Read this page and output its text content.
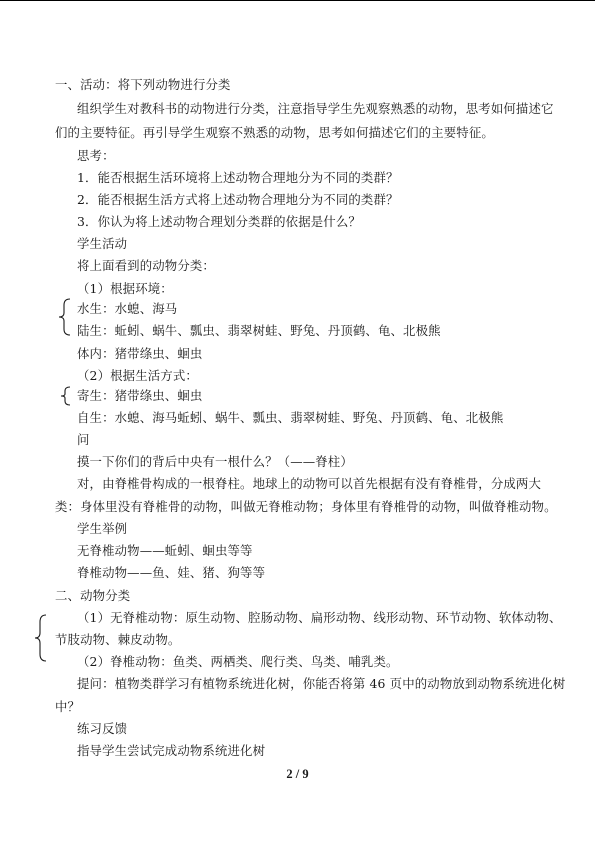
一、活动：将下列动物进行分类
组织学生对教科书的动物进行分类，注意指导学生先观察熟悉的动物，思考如何描述它
们的主要特征。再引导学生观察不熟悉的动物，思考如何描述它们的主要特征。
思考：
1．能否根据生活环境将上述动物合理地分为不同的类群？
2．能否根据生活方式将上述动物合理地分为不同的类群？
3．你认为将上述动物合理划分类群的依据是什么？
学生活动
将上面看到的动物分类：
（1）根据环境：
水生：水螅、海马
陆生：蚯蚓、蜗牛、瓢虫、翡翠树蛙、野兔、丹顶鹤、龟、北极熊
体内：猪带绦虫、蛔虫
（2）根据生活方式：
寄生：猪带绦虫、蛔虫
自生：水螅、海马蚯蚓、蜗牛、瓢虫、翡翠树蛙、野兔、丹顶鹤、龟、北极熊
问
摸一下你们的背后中央有一根什么？（——脊柱）
对，由脊椎骨构成的一根脊柱。地球上的动物可以首先根据有没有脊椎骨，分成两大
类：身体里没有脊椎骨的动物，叫做无脊椎动物；身体里有脊椎骨的动物，叫做脊椎动物。
学生举例
无脊椎动物——蚯蚓、蛔虫等等
脊椎动物——鱼、娃、猪、狗等等
二、动物分类
（1）无脊椎动物：原生动物、腔肠动物、扁形动物、线形动物、环节动物、软体动物、
节肢动物、棘皮动物。
（2）脊椎动物：鱼类、两栖类、爬行类、鸟类、哺乳类。
提问：植物类群学习有植物系统进化树，你能否将第 46 页中的动物放到动物系统进化树
中？
练习反馈
指导学生尝试完成动物系统进化树
2 / 9
